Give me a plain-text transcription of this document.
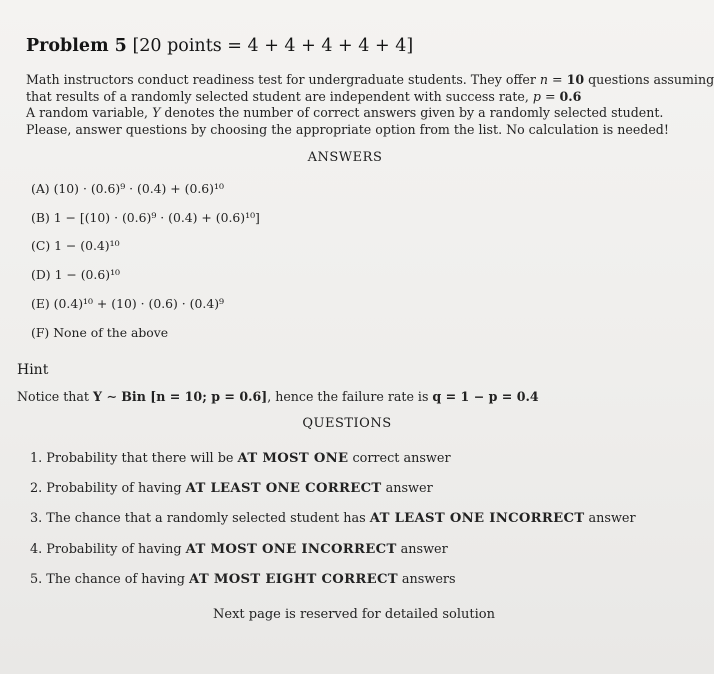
Problem 5 [20 points = 4 + 4 + 4 + 4 + 4]
Math instructors conduct readiness test for undergraduate students. They offer n = 10 questions assuming
that results of a randomly selected student are independent with success rate, p = 0.6
A random variable, Y denotes the number of correct answers given by a randomly selected student.
Please, answer questions by choosing the appropriate option from the list. No calculation is needed!
ANSWERS
(A) (10) · (0.6)⁹ · (0.4) + (0.6)¹⁰
(B) 1 − [(10) · (0.6)⁹ · (0.4) + (0.6)¹⁰]
(C) 1 − (0.4)¹⁰
(D) 1 − (0.6)¹⁰
(E) (0.4)¹⁰ + (10) · (0.6) · (0.4)⁹
(F) None of the above
Hint
Notice that Y ∼ Bin [n = 10; p = 0.6], hence the failure rate is q = 1 − p = 0.4
QUESTIONS
1. Probability that there will be AT MOST ONE correct answer
2. Probability of having AT LEAST ONE CORRECT answer
3. The chance that a randomly selected student has AT LEAST ONE INCORRECT answer
4. Probability of having AT MOST ONE INCORRECT answer
5. The chance of having AT MOST EIGHT CORRECT answers
Next page is reserved for detailed solution
